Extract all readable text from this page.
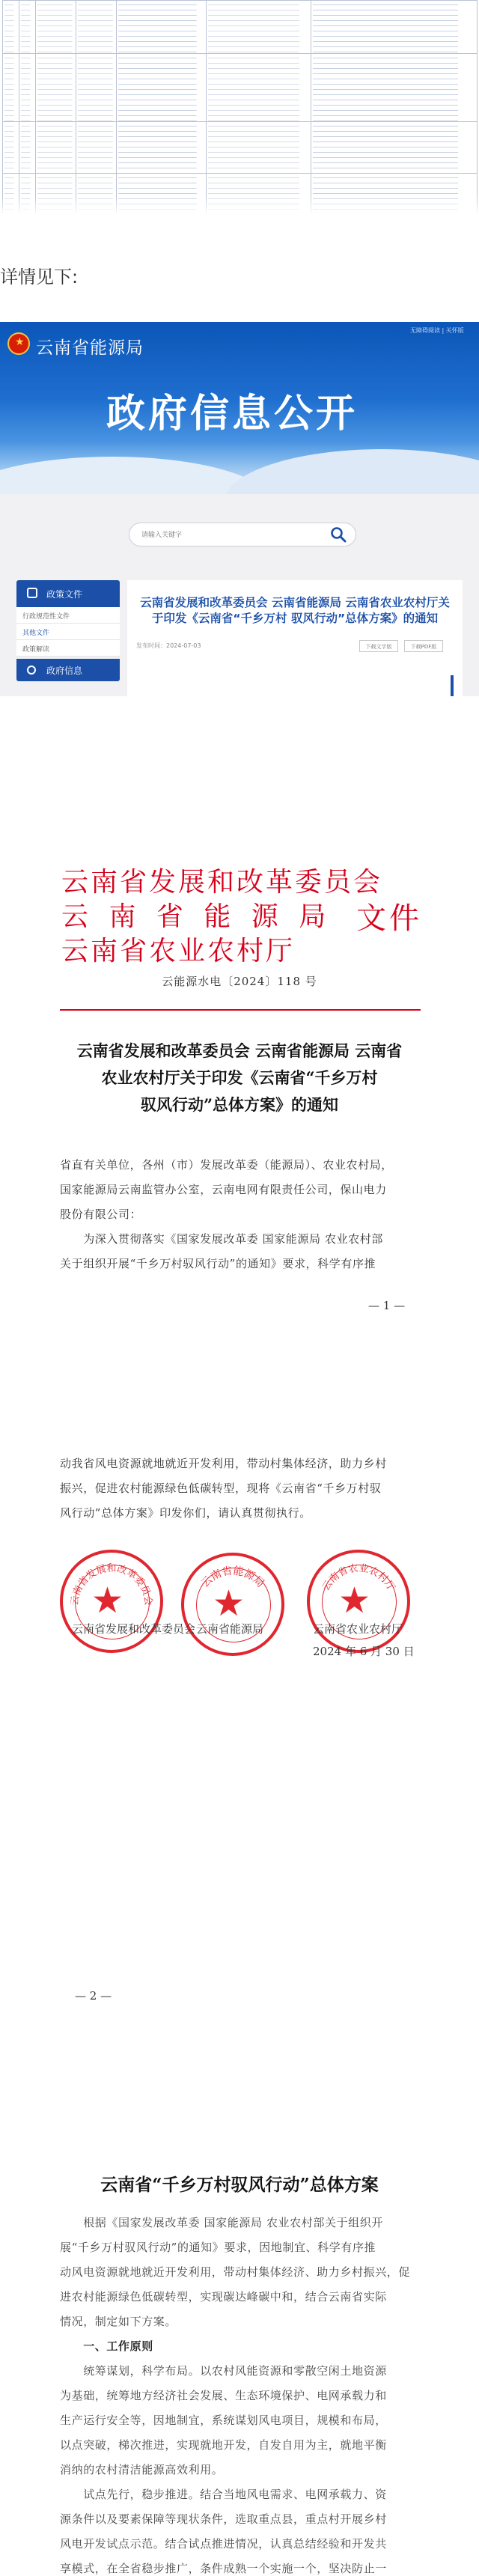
详情见下:
★ 云南省能源局
无障碍阅读 | 关怀版
政府信息公开
请输入关键字
政策文件
行政规范性文件
其他文件
政策解读
政府信息
云南省发展和改革委员会 云南省能源局 云南省农业农村厅关于印发《云南省“千乡万村 驭风行动”总体方案》的通知
发布时间：2024-07-03	下载文字版	下载PDF版
云南省发展和改革委员会
云 南 省 能 源 局
云南省农业农村厅
文件
云能源水电〔2024〕118 号
云南省发展和改革委员会 云南省能源局 云南省
农业农村厅关于印发《云南省“千乡万村
驭风行动”总体方案》的通知
省直有关单位，各州（市）发展改革委（能源局）、农业农村局，
国家能源局云南监管办公室，云南电网有限责任公司，保山电力
股份有限公司：
　　为深入贯彻落实《国家发展改革委 国家能源局 农业农村部
关于组织开展“千乡万村驭风行动”的通知》要求，科学有序推
— 1 —
动我省风电资源就地就近开发利用，带动村集体经济，助力乡村
振兴，促进农村能源绿色低碳转型，现将《云南省“千乡万村驭
风行动”总体方案》印发你们，请认真贯彻执行。
★
云南省发展和改革委员会 ★
云南省能源局 ★
云南省农业农村厅
云南省发展和改革委员会 云南省能源局	云南省农业农村厅
2024 年 6 月 30 日
— 2 —
云南省“千乡万村驭风行动”总体方案
　　根据《国家发展改革委 国家能源局 农业农村部关于组织开
展“千乡万村驭风行动”的通知》要求，因地制宜、科学有序推
动风电资源就地就近开发利用，带动村集体经济、助力乡村振兴，促
进农村能源绿色低碳转型，实现碳达峰碳中和，结合云南省实际
情况，制定如下方案。
　　一、工作原则
　　统筹谋划，科学布局。以农村风能资源和零散空闲土地资源
为基础，统筹地方经济社会发展、生态环境保护、电网承载力和
生产运行安全等，因地制宜，系统谋划风电项目，规模和布局，
以点突破，梯次推进，实现就地开发，自发自用为主，就地平衡
消纳的农村清洁能源高效利用。
　　试点先行，稳步推进。结合当地风电需求、电网承载力、资
源条件以及要素保障等现状条件，选取重点县，重点村开展乡村
风电开发试点示范。结合试点推进情况，认真总结经验和开发共
享模式，在全省稳步推广，条件成熟一个实施一个，坚决防止一
